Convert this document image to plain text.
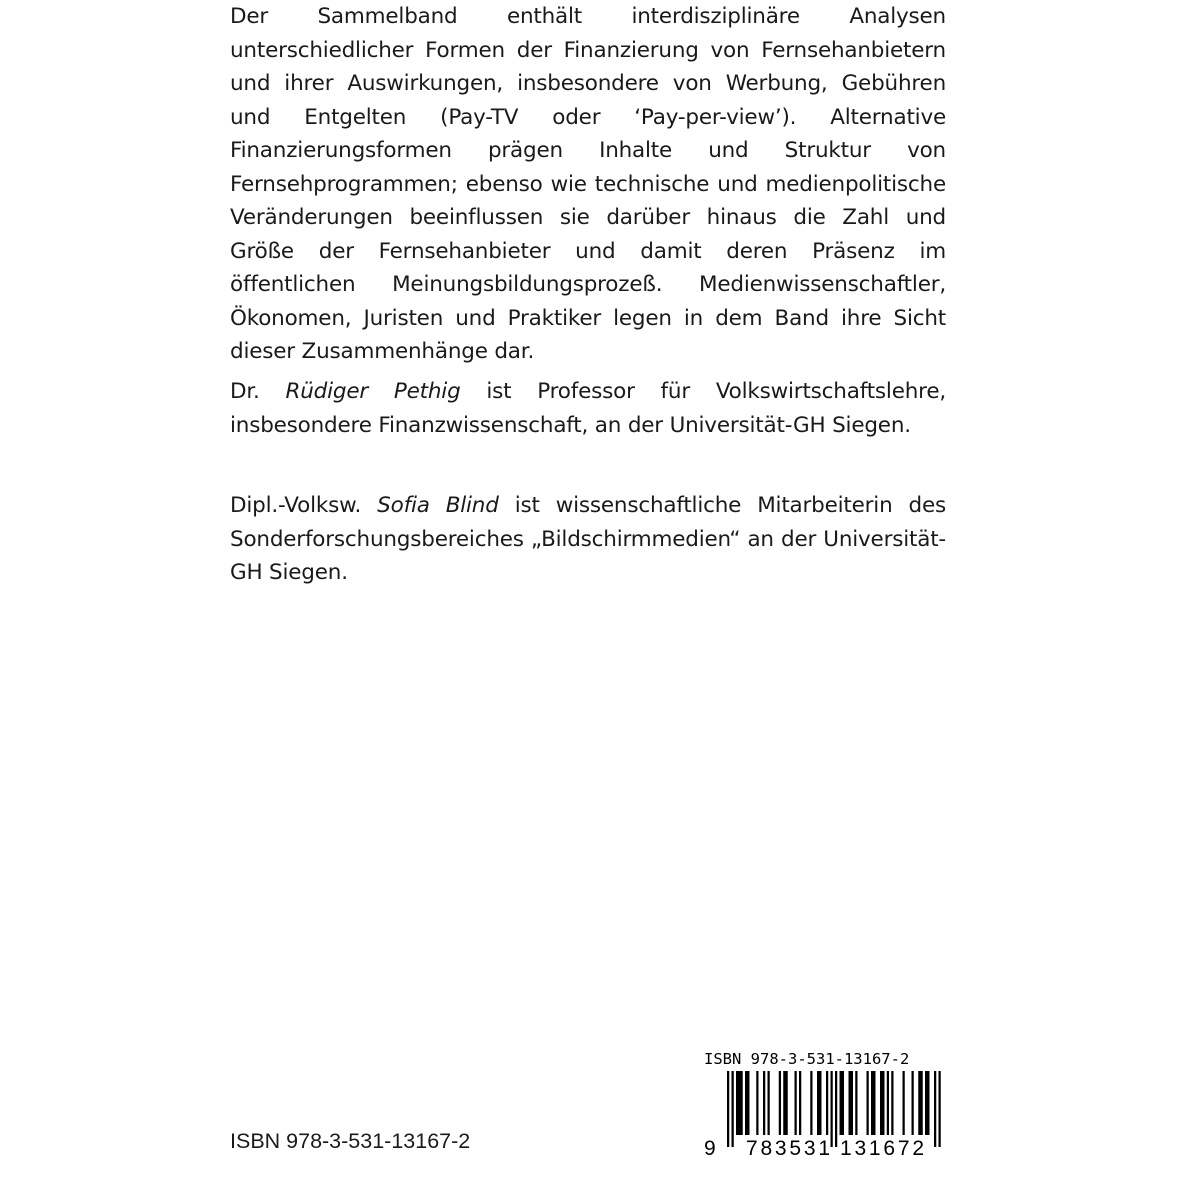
Der Sammelband enthält interdisziplinäre Analysen unterschiedlicher Formen der Finanzierung von Fernsehanbietern und ihrer Auswirkungen, insbesondere von Werbung, Gebühren und Entgelten (Pay-TV oder ‘Pay-per-view’). Alternative Finanzierungsformen prägen Inhalte und Struktur von Fernsehprogrammen; ebenso wie technische und medienpolitische Veränderungen beeinflussen sie darüber hinaus die Zahl und Größe der Fernsehanbieter und damit deren Präsenz im öffentlichen Meinungsbildungsprozeß. Medienwissenschaftler, Ökonomen, Juristen und Praktiker legen in dem Band ihre Sicht dieser Zusammenhänge dar.

Dr. Rüdiger Pethig ist Professor für Volkswirtschaftslehre, insbesondere Finanzwissenschaft, an der Universität-GH Siegen.

Dipl.-Volksw. Sofia Blind ist wissenschaftliche Mitarbeiterin des Sonderforschungsbereiches „Bildschirmmedien“ an der Universität-GH Siegen.

ISBN 978-3-531-13167-2
ISBN 978-3-531-13167-2
9 783531 131672
